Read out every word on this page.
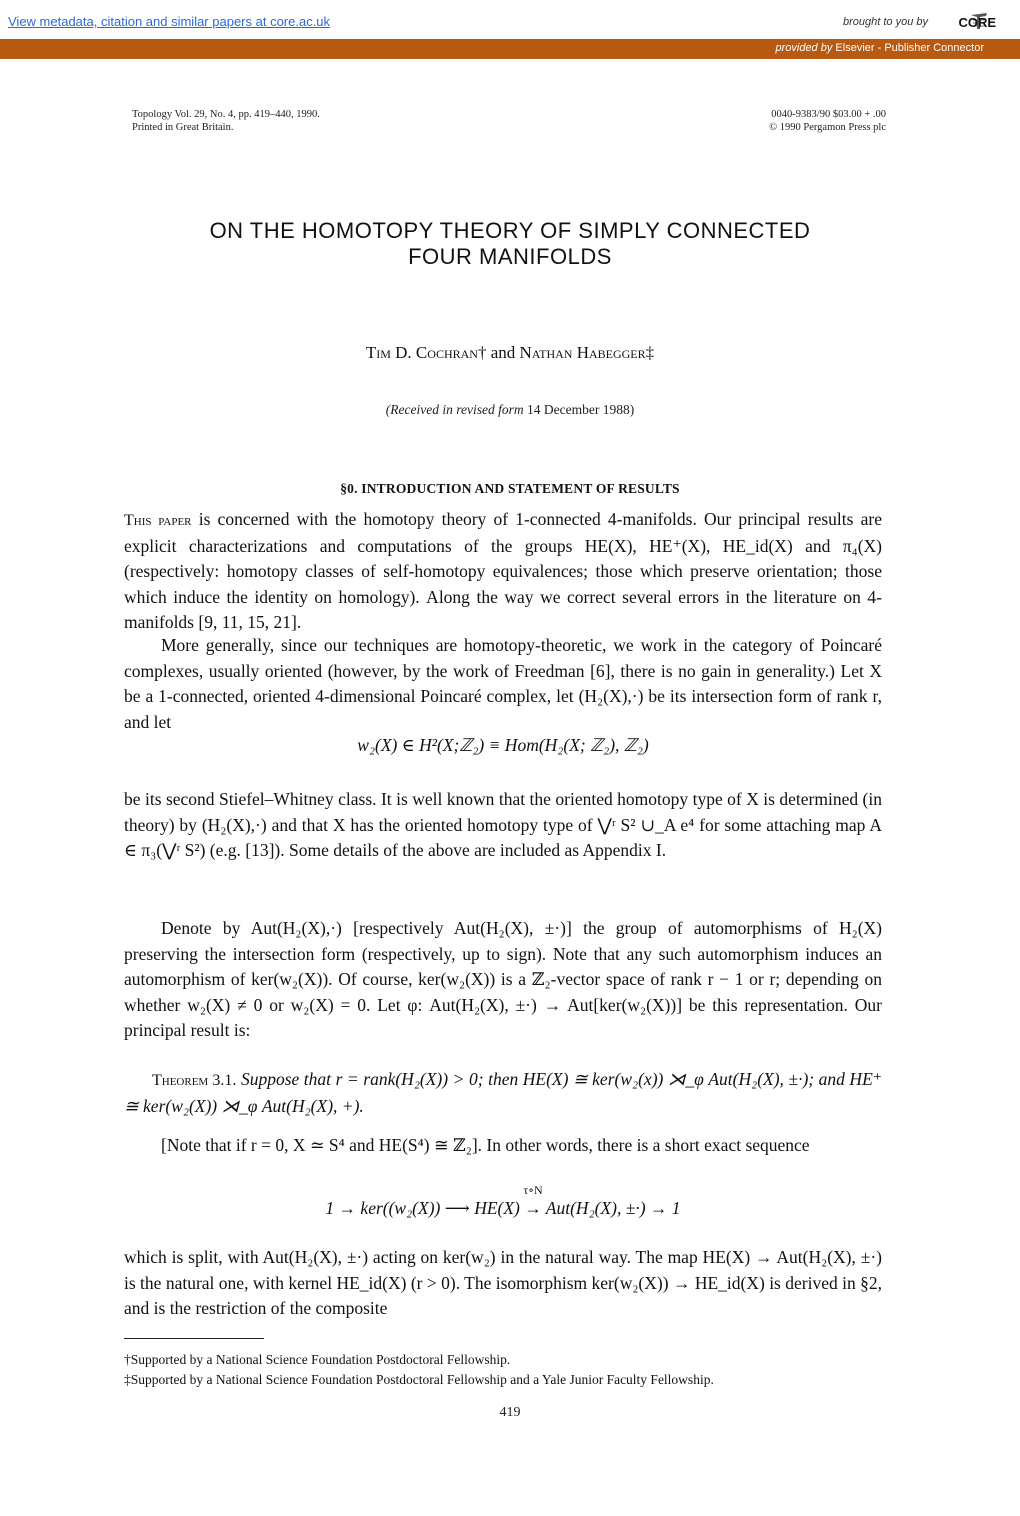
View metadata, citation and similar papers at core.ac.uk	brought to you by CORE
provided by Elsevier - Publisher Connector
Topology Vol. 29, No. 4, pp. 419–440, 1990.
Printed in Great Britain.
0040-9383/90 $03.00 + .00
© 1990 Pergamon Press plc
ON THE HOMOTOPY THEORY OF SIMPLY CONNECTED
FOUR MANIFOLDS
Tim D. Cochran† and Nathan Habegger‡
(Received in revised form 14 December 1988)
§0. INTRODUCTION AND STATEMENT OF RESULTS
This paper is concerned with the homotopy theory of 1-connected 4-manifolds. Our principal results are explicit characterizations and computations of the groups HE(X), HE⁺(X), HE_id(X) and π₄(X) (respectively: homotopy classes of self-homotopy equivalences; those which preserve orientation; those which induce the identity on homology). Along the way we correct several errors in the literature on 4-manifolds [9, 11, 15, 21].
More generally, since our techniques are homotopy-theoretic, we work in the category of Poincaré complexes, usually oriented (however, by the work of Freedman [6], there is no gain in generality.) Let X be a 1-connected, oriented 4-dimensional Poincaré complex, let (H₂(X),·) be its intersection form of rank r, and let
w₂(X) ∈ H²(X;ℤ₂) ≡ Hom(H₂(X; ℤ₂), ℤ₂)
be its second Stiefel–Whitney class. It is well known that the oriented homotopy type of X is determined (in theory) by (H₂(X),·) and that X has the oriented homotopy type of ⋁ʳ S² ∪_A e⁴ for some attaching map A ∈ π₃(⋁ʳ S²) (e.g. [13]). Some details of the above are included as Appendix I.
Denote by Aut(H₂(X),·) [respectively Aut(H₂(X), ±·)] the group of automorphisms of H₂(X) preserving the intersection form (respectively, up to sign). Note that any such automorphism induces an automorphism of ker(w₂(X)). Of course, ker(w₂(X)) is a ℤ₂-vector space of rank r − 1 or r; depending on whether w₂(X) ≠ 0 or w₂(X) = 0. Let φ: Aut(H₂(X), ±·) → Aut[ker(w₂(X))] be this representation. Our principal result is:
Theorem 3.1. Suppose that r = rank(H₂(X)) > 0; then HE(X) ≅ ker(w₂(x)) ⋊_φ Aut(H₂(X), ±·); and HE⁺ ≅ ker(w₂(X)) ⋊_φ Aut(H₂(X), +).
[Note that if r = 0, X ≃ S⁴ and HE(S⁴) ≅ ℤ₂]. In other words, there is a short exact sequence
τ∘N
1 → ker((w₂(X)) ⟶ HE(X) → Aut(H₂(X), ±·) → 1
which is split, with Aut(H₂(X), ±·) acting on ker(w₂) in the natural way. The map HE(X) → Aut(H₂(X), ±·) is the natural one, with kernel HE_id(X) (r > 0). The isomorphism ker(w₂(X)) → HE_id(X) is derived in §2, and is the restriction of the composite
†Supported by a National Science Foundation Postdoctoral Fellowship.
‡Supported by a National Science Foundation Postdoctoral Fellowship and a Yale Junior Faculty Fellowship.
419
